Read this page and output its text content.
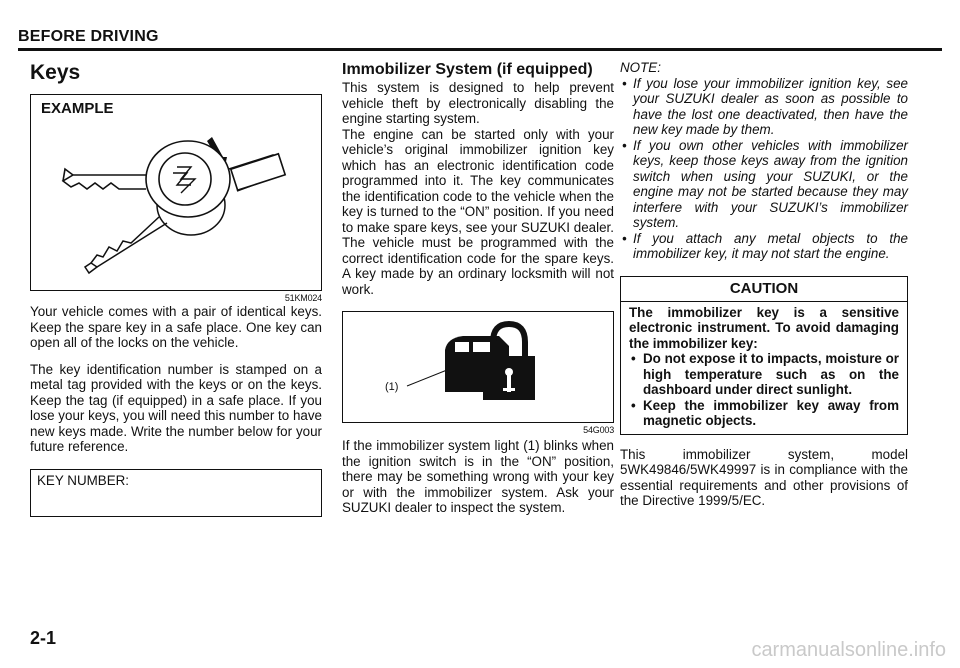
BEFORE DRIVING
Keys
EXAMPLE
51KM024

Your vehicle comes with a pair of identical keys. Keep the spare key in a safe place. One key can open all of the locks on the vehicle.

The key identification number is stamped on a metal tag provided with the keys or on the keys. Keep the tag (if equipped) in a safe place. If you lose your keys, you will need this number to have new keys made. Write the number below for your future reference.

KEY NUMBER:
Immobilizer System (if equipped)

This system is designed to help prevent vehicle theft by electronically disabling the engine starting system.

The engine can be started only with your vehicle’s original immobilizer ignition key which has an electronic identification code programmed into it. The key communicates the identification code to the vehicle when the key is turned to the “ON” position. If you need to make spare keys, see your SUZUKI dealer. The vehicle must be programmed with the correct identification code for the spare keys. A key made by an ordinary locksmith will not work.

(1)
54G003

If the immobilizer system light (1) blinks when the ignition switch is in the “ON” position, there may be something wrong with your key or with the immobilizer system. Ask your SUZUKI dealer to inspect the system.

NOTE:

• If you lose your immobilizer ignition key, see your SUZUKI dealer as soon as possible to have the lost one deactivated, then have the new key made by them.
• If you own other vehicles with immobilizer keys, keep those keys away from the ignition switch when using your SUZUKI, or the engine may not be started because they may interfere with your SUZUKI’s immobilizer system.
• If you attach any metal objects to the immobilizer key, it may not start the engine.
CAUTION

The immobilizer key is a sensitive electronic instrument. To avoid damaging the immobilizer key:

• Do not expose it to impacts, moisture or high temperature such as on the dashboard under direct sunlight.
• Keep the immobilizer key away from magnetic objects.

This immobilizer system, model 5WK49846/5WK49997 is in compliance with the essential requirements and other provisions of the Directive 1999/5/EC.

2-1
carmanualsonline.info
